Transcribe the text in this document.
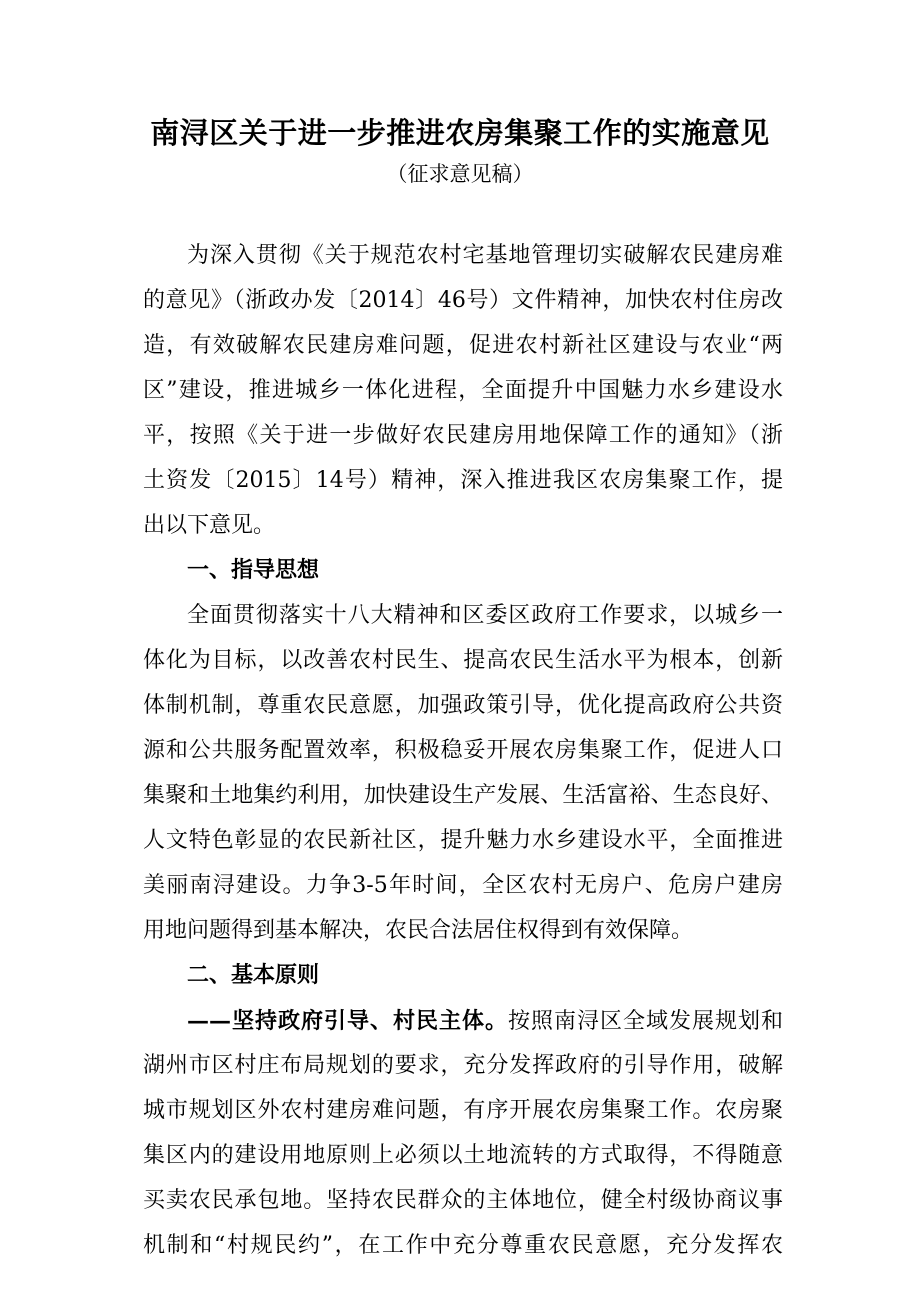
南浔区关于进一步推进农房集聚工作的实施意见
（征求意见稿）
为深入贯彻《关于规范农村宅基地管理切实破解农民建房难
的意见》（浙政办发〔2014〕46号）文件精神，加快农村住房改
造，有效破解农民建房难问题，促进农村新社区建设与农业“两
区”建设，推进城乡一体化进程，全面提升中国魅力水乡建设水
平，按照《关于进一步做好农民建房用地保障工作的通知》（浙
土资发〔2015〕14号）精神，深入推进我区农房集聚工作，提
出以下意见。
一、指导思想
全面贯彻落实十八大精神和区委区政府工作要求，以城乡一
体化为目标，以改善农村民生、提高农民生活水平为根本，创新
体制机制，尊重农民意愿，加强政策引导，优化提高政府公共资
源和公共服务配置效率，积极稳妥开展农房集聚工作，促进人口
集聚和土地集约利用，加快建设生产发展、生活富裕、生态良好、
人文特色彰显的农民新社区，提升魅力水乡建设水平，全面推进
美丽南浔建设。力争3-5年时间，全区农村无房户、危房户建房
用地问题得到基本解决，农民合法居住权得到有效保障。
二、基本原则
——坚持政府引导、村民主体。按照南浔区全域发展规划和
湖州市区村庄布局规划的要求，充分发挥政府的引导作用，破解
城市规划区外农村建房难问题，有序开展农房集聚工作。农房聚
集区内的建设用地原则上必须以土地流转的方式取得，不得随意
买卖农民承包地。坚持农民群众的主体地位，健全村级协商议事
机制和“村规民约”，在工作中充分尊重农民意愿，充分发挥农
